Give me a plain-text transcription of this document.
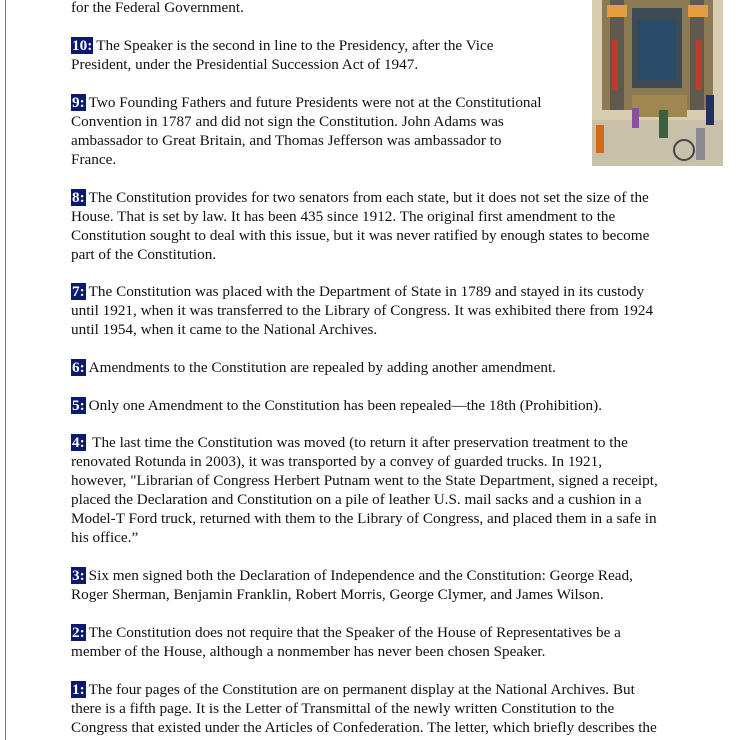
for the Federal Government.
10: The Speaker is the second in line to the Presidency, after the Vice
President, under the Presidential Succession Act of 1947.
9: Two Founding Fathers and future Presidents were not at the Constitutional
Convention in 1787 and did not sign the Constitution. John Adams was
ambassador to Great Britain, and Thomas Jefferson was ambassador to
France.
8: The Constitution provides for two senators from each state, but it does not set the size of the
House. That is set by law. It has been 435 since 1912. The original first amendment to the
Constitution sought to deal with this issue, but it was never ratified by enough states to become
part of the Constitution.
7: The Constitution was placed with the Department of State in 1789 and stayed in its custody
until 1921, when it was transferred to the Library of Congress. It was exhibited there from 1924
until 1954, when it came to the National Archives.
6: Amendments to the Constitution are repealed by adding another amendment.
5: Only one Amendment to the Constitution has been repealed—the 18th (Prohibition).
4: The last time the Constitution was moved (to return it after preservation treatment to the
renovated Rotunda in 2003), it was transported by a convey of guarded trucks. In 1921,
however, "Librarian of Congress Herbert Putnam went to the State Department, signed a receipt,
placed the Declaration and Constitution on a pile of leather U.S. mail sacks and a cushion in a
Model-T Ford truck, returned with them to the Library of Congress, and placed them in a safe in
his office.”
3: Six men signed both the Declaration of Independence and the Constitution: George Read,
Roger Sherman, Benjamin Franklin, Robert Morris, George Clymer, and James Wilson.
2: The Constitution does not require that the Speaker of the House of Representatives be a
member of the House, although a nonmember has never been chosen Speaker.
1: The four pages of the Constitution are on permanent display at the National Archives. But
there is a fifth page. It is the Letter of Transmittal of the newly written Constitution to the
Congress that existed under the Articles of Confederation. The letter, which briefly describes the
